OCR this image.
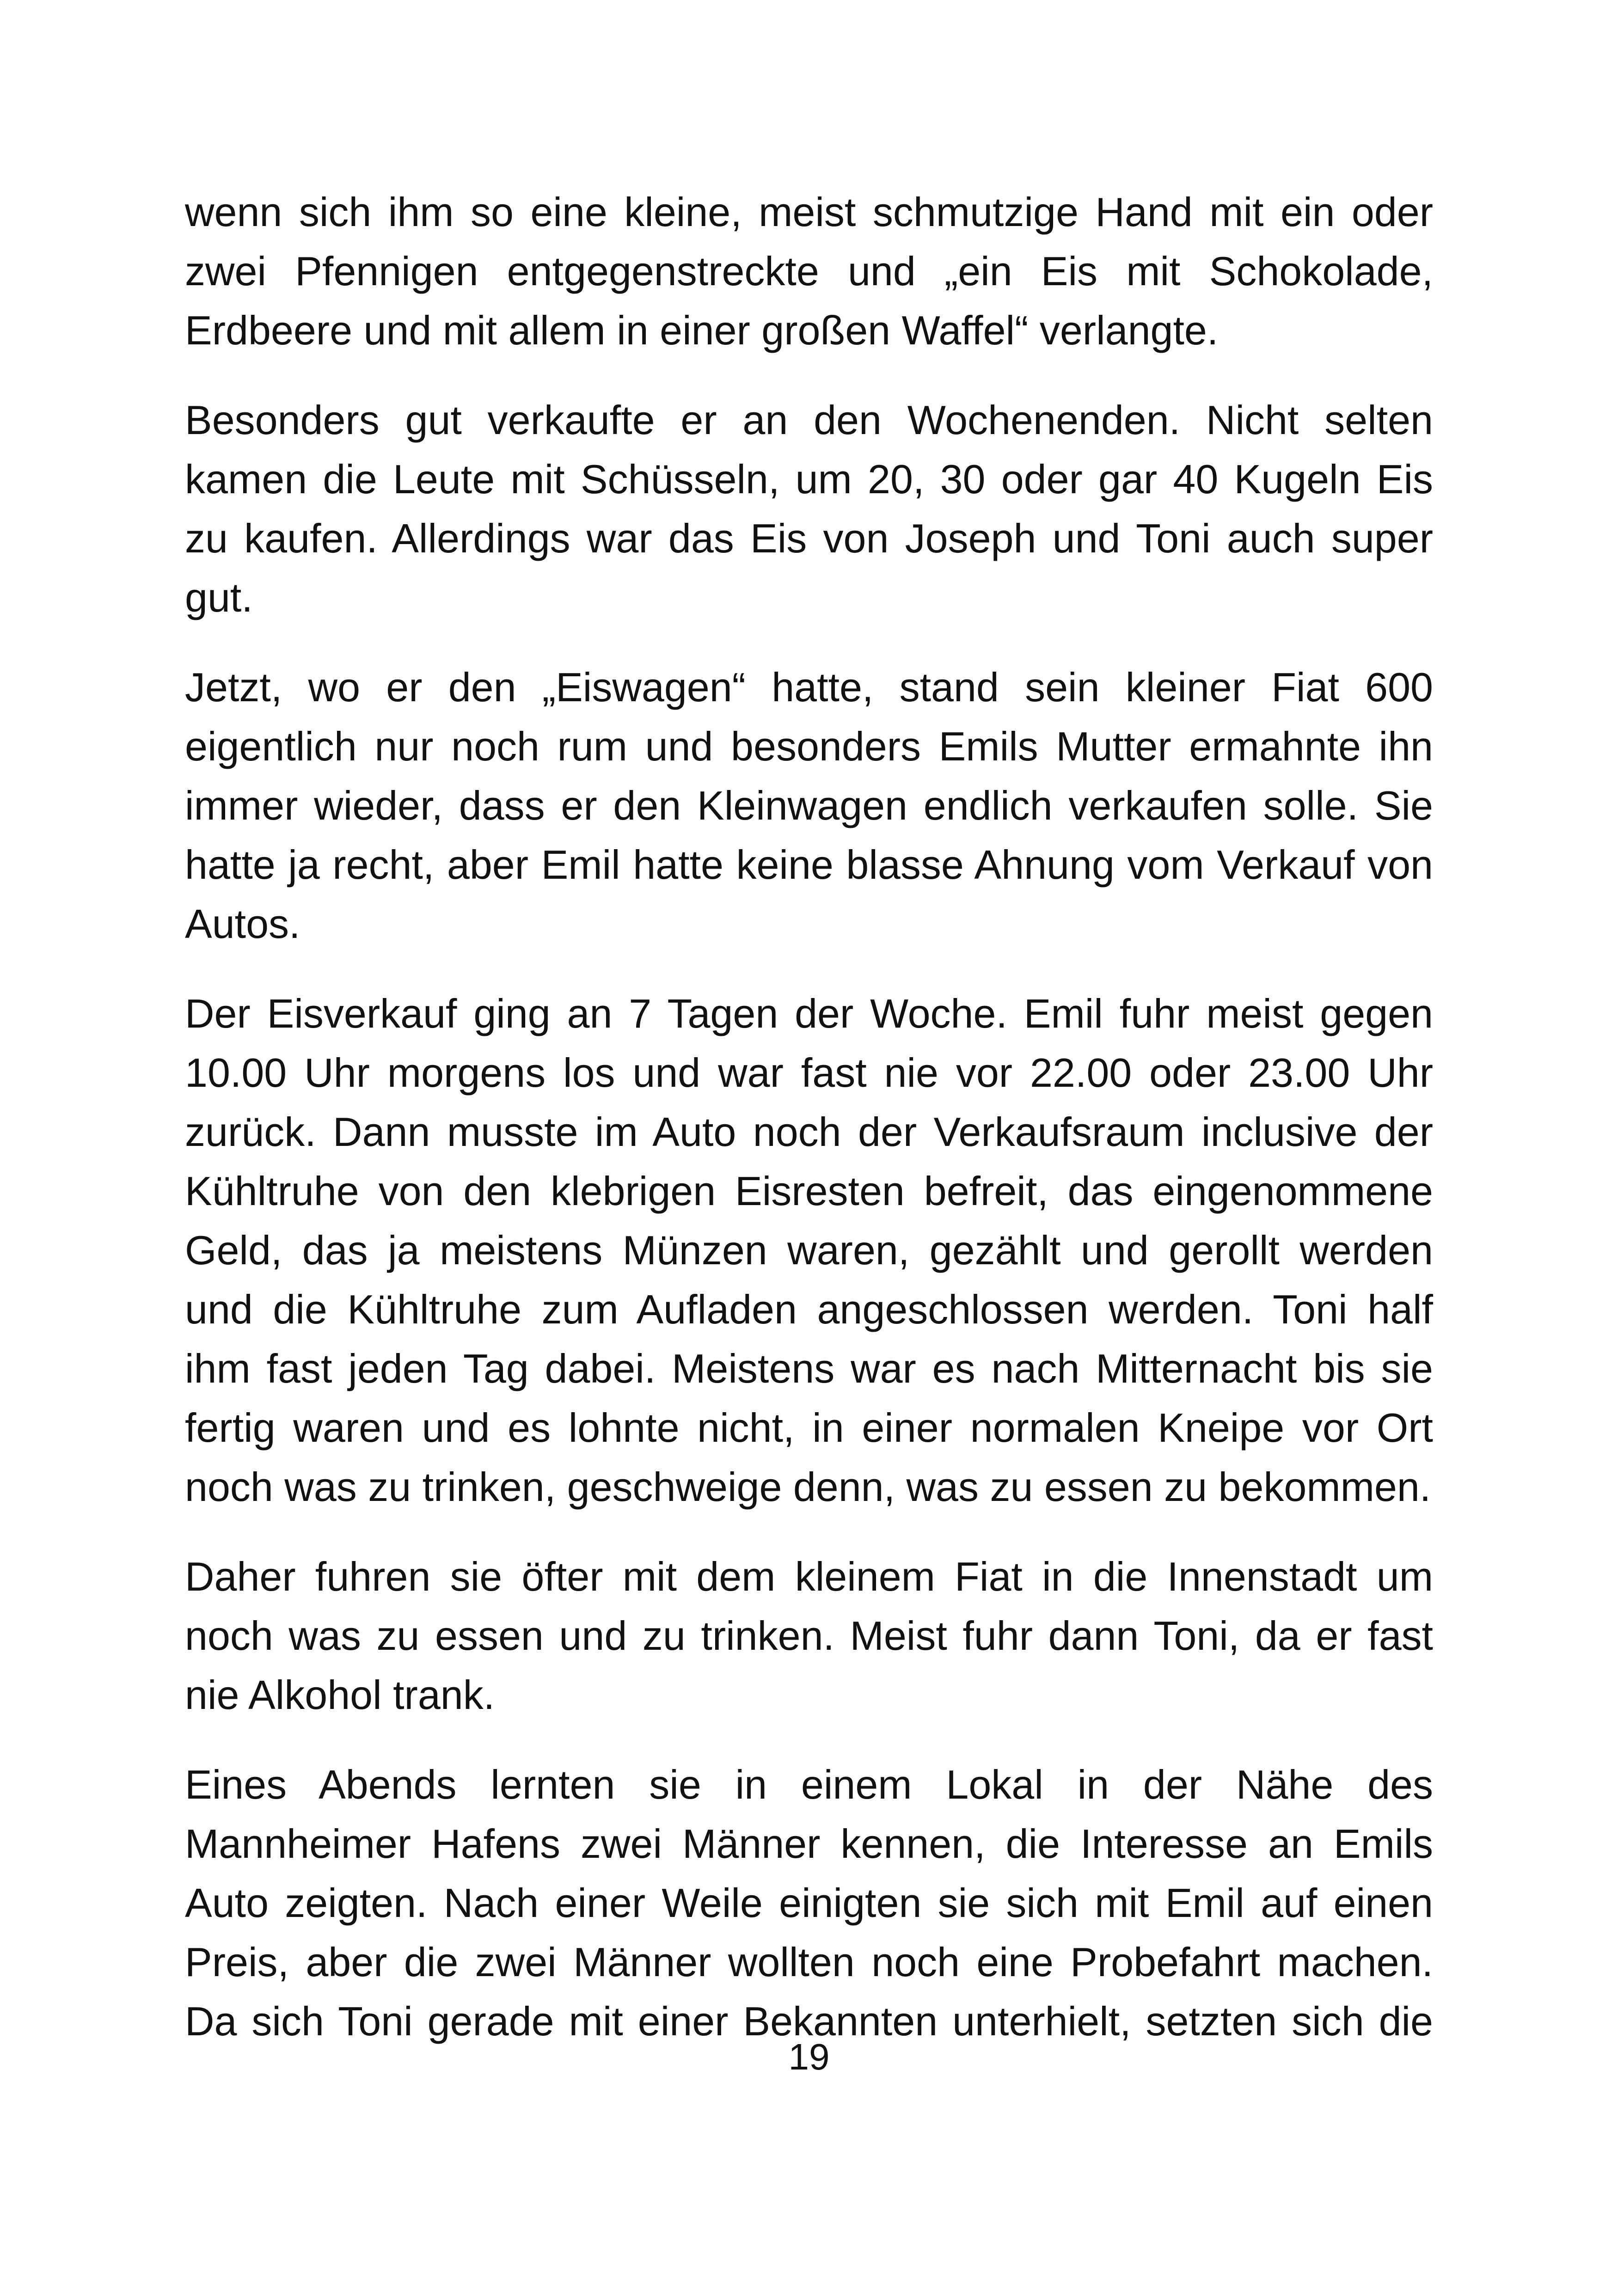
wenn sich ihm so eine kleine, meist schmutzige Hand mit ein oder zwei Pfennigen entgegenstreckte und „ein Eis mit Schokolade, Erdbeere und mit allem in einer großen Waffel“ verlangte.

Besonders gut verkaufte er an den Wochenenden. Nicht selten kamen die Leute mit Schüsseln, um 20, 30 oder gar 40 Kugeln Eis zu kaufen. Allerdings war das Eis von Joseph und Toni auch super gut.

Jetzt, wo er den „Eiswagen“ hatte, stand sein kleiner Fiat 600 eigentlich nur noch rum und besonders Emils Mutter ermahnte ihn immer wieder, dass er den Kleinwagen endlich verkaufen solle. Sie hatte ja recht, aber Emil hatte keine blasse Ahnung vom Verkauf von Autos.

Der Eisverkauf ging an 7 Tagen der Woche. Emil fuhr meist gegen 10.00 Uhr morgens los und war fast nie vor 22.00 oder 23.00 Uhr zurück. Dann musste im Auto noch der Verkaufsraum inclusive der Kühltruhe von den klebrigen Eisresten befreit, das eingenommene Geld, das ja meistens Münzen waren, gezählt und gerollt werden und die Kühltruhe zum Aufladen angeschlossen werden. Toni half ihm fast jeden Tag dabei. Meistens war es nach Mitternacht bis sie fertig waren und es lohnte nicht, in einer normalen Kneipe vor Ort noch was zu trinken, geschweige denn, was zu essen zu bekommen.

Daher fuhren sie öfter mit dem kleinem Fiat in die Innenstadt um noch was zu essen und zu trinken. Meist fuhr dann Toni, da er fast nie Alkohol trank.

Eines Abends lernten sie in einem Lokal in der Nähe des Mannheimer Hafens zwei Männer kennen, die Interesse an Emils Auto zeigten. Nach einer Weile einigten sie sich mit Emil auf einen Preis, aber die zwei Männer wollten noch eine Probefahrt machen. Da sich Toni gerade mit einer Bekannten unterhielt, setzten sich die

19
